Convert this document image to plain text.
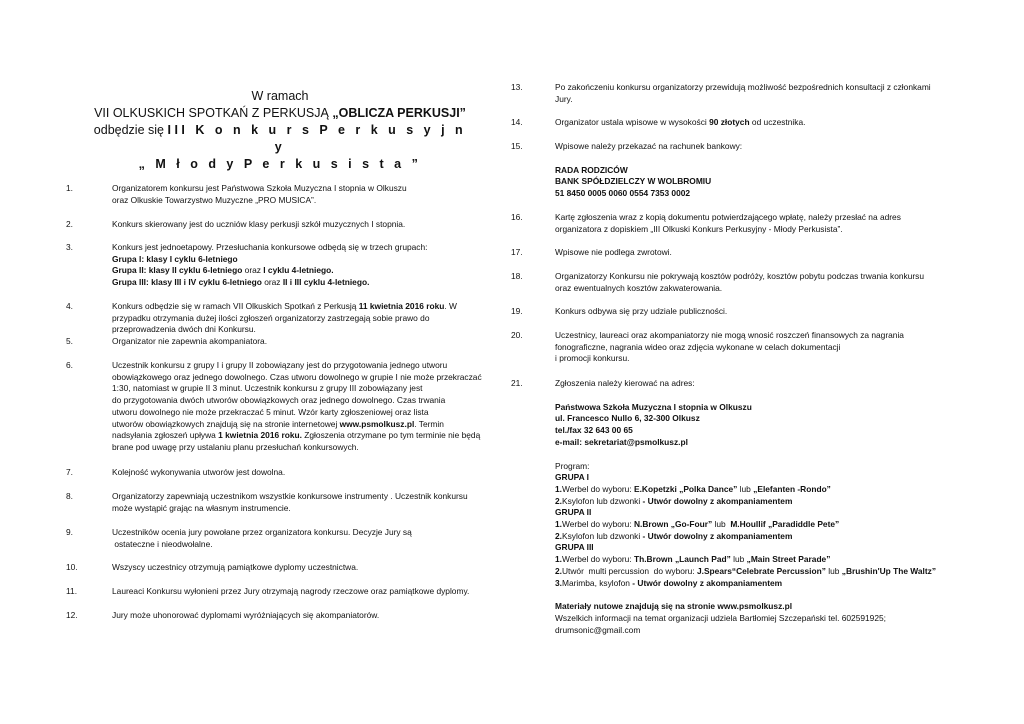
W ramach
VII OLKUSKICH SPOTKAŃ Z PERKUSJĄ „OBLICZA PERKUSJI”
odbędzie się III K o n k u r s P e r k u s y j n y
„ M ł o d y P e r k u s i s t a ”
1.	Organizatorem konkursu jest Państwowa Szkoła Muzyczna I stopnia w Olkuszu
oraz Olkuskie Towarzystwo Muzyczne „PRO MUSICA”.
2.	Konkurs skierowany jest do uczniów klasy perkusji szkół muzycznych I stopnia.
3.	Konkurs jest jednoetapowy. Przesłuchania konkursowe odbędą się w trzech grupach:
Grupa I: klasy I cyklu 6-letniego
Grupa II: klasy II cyklu 6-letniego oraz I cyklu 4-letniego.
Grupa III: klasy III i IV cyklu 6-letniego oraz II i III cyklu 4-letniego.
4.	Konkurs odbędzie się w ramach VII Olkuskich Spotkań z Perkusją 11 kwietnia 2016 roku. W
przypadku otrzymania dużej ilości zgłoszeń organizatorzy zastrzegają sobie prawo do
przeprowadzenia dwóch dni Konkursu.
5.	Organizator nie zapewnia akompaniatora.
6.	Uczestnik konkursu z grupy I i grupy II zobowiązany jest do przygotowania jednego utworu
obowiązkowego oraz jednego dowolnego. Czas utworu dowolnego w grupie I nie może przekraczać
1:30, natomiast w grupie II 3 minut. Uczestnik konkursu z grupy III zobowiązany jest
do przygotowania dwóch utworów obowiązkowych oraz jednego dowolnego. Czas trwania
utworu dowolnego nie może przekraczać 5 minut. Wzór karty zgłoszeniowej oraz lista
utworów obowiązkowych znajdują się na stronie internetowej www.psmolkusz.pl. Termin
nadsyłania zgłoszeń upływa 1 kwietnia 2016 roku. Zgłoszenia otrzymane po tym terminie nie będą
brane pod uwagę przy ustalaniu planu przesłuchań konkursowych.
7.	Kolejność wykonywania utworów jest dowolna.
8.	Organizatorzy zapewniają uczestnikom wszystkie konkursowe instrumenty . Uczestnik konkursu
może wystąpić grając na własnym instrumencie.
9.	Uczestników ocenia jury powołane przez organizatora konkursu. Decyzje Jury są
ostateczne i nieodwołalne.
10.	Wszyscy uczestnicy otrzymują pamiątkowe dyplomy uczestnictwa.
11.	Laureaci Konkursu wyłonieni przez Jury otrzymają nagrody rzeczowe oraz pamiątkowe dyplomy.
12.	Jury może uhonorować dyplomami wyróżniających się akompaniatorów.
13.	Po zakończeniu konkursu organizatorzy przewidują możliwość bezpośrednich konsultacji z członkami
Jury.
14.	Organizator ustala wpisowe w wysokości 90 złotych od uczestnika.
15.	Wpisowe należy przekazać na rachunek bankowy:
RADA RODZICÓW
BANK SPÓŁDZIELCZY W WOLBROMIU
51 8450 0005 0060 0554 7353 0002
16.	Kartę zgłoszenia wraz z kopią dokumentu potwierdzającego wpłatę, należy przesłać na adres
organizatora z dopiskiem „III Olkuski Konkurs Perkusyjny - Młody Perkusista”.
17.	Wpisowe nie podlega zwrotowi.
18.	Organizatorzy Konkursu nie pokrywają kosztów podróży, kosztów pobytu podczas trwania konkursu
oraz ewentualnych kosztów zakwaterowania.
19.	Konkurs odbywa się przy udziale publiczności.
20.	Uczestnicy, laureaci oraz akompaniatorzy nie mogą wnosić roszczeń finansowych za nagrania
fonograficzne, nagrania wideo oraz zdjęcia wykonane w celach dokumentacji
i promocji konkursu.
21.	Zgłoszenia należy kierować na adres:
Państwowa Szkoła Muzyczna I stopnia w Olkuszu
ul. Francesco Nullo 6, 32-300 Olkusz
tel./fax 32 643 00 65
e-mail: sekretariat@psmolkusz.pl
Program:
GRUPA I
1.Werbel do wyboru: E.Kopetzki „Polka Dance” lub „Elefanten -Rondo”
2.Ksylofon lub dzwonki - Utwór dowolny z akompaniamentem
GRUPA II
1.Werbel do wyboru: N.Brown „Go-Four” lub  M.Houllif „Paradiddle Pete”
2.Ksylofon lub dzwonki - Utwór dowolny z akompaniamentem
GRUPA III
1.Werbel do wyboru: Th.Brown „Launch Pad” lub „Main Street Parade”
2.Utwór  multi percussion  do wyboru: J.Spears“Celebrate Percussion” lub „Brushin'Up The Waltz”
3.Marimba, ksylofon - Utwór dowolny z akompaniamentem
Materiały nutowe znajdują się na stronie www.psmolkusz.pl
Wszelkich informacji na temat organizacji udziela Bartłomiej Szczepański tel. 602591925;
drumsonic@gmail.com
